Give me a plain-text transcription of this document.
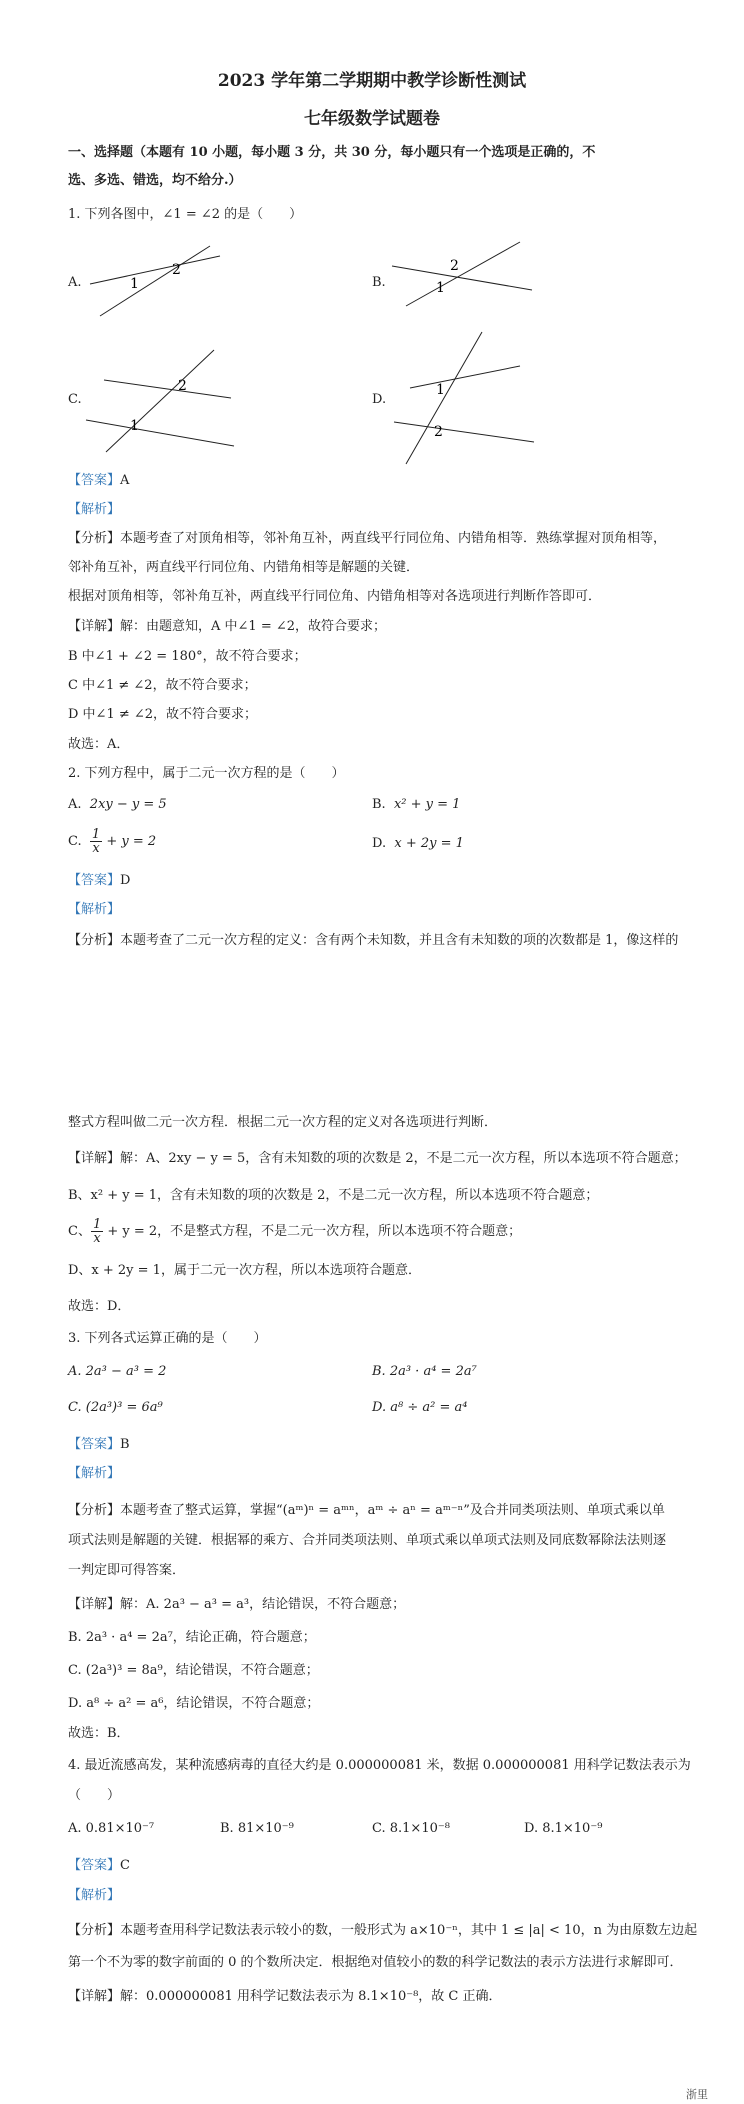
2023 学年第二学期期中教学诊断性测试
七年级数学试题卷
一、选择题（本题有 10 小题，每小题 3 分，共 30 分，每小题只有一个选项是正确的，不
选、多选、错选，均不给分.）
1. 下列各图中，∠1 = ∠2 的是（　　）
A.	1
2
B.	1
2
C.
2
1
D.
1
2
【答案】A
【解析】
【分析】本题考查了对顶角相等，邻补角互补，两直线平行同位角、内错角相等．熟练掌握对顶角相等，
邻补角互补，两直线平行同位角、内错角相等是解题的关键．
根据对顶角相等，邻补角互补，两直线平行同位角、内错角相等对各选项进行判断作答即可．
【详解】解：由题意知，A 中∠1 = ∠2，故符合要求；
B 中∠1 + ∠2 = 180°，故不符合要求；
C 中∠1 ≠ ∠2，故不符合要求；
D 中∠1 ≠ ∠2，故不符合要求；
故选：A．
2. 下列方程中，属于二元一次方程的是（　　）
A. 2xy − y = 5	B. x² + y = 1
C. $\frac{1}{x} + y = 2$	D. x + 2y = 1
【答案】D
【解析】
【分析】本题考查了二元一次方程的定义：含有两个未知数，并且含有未知数的项的次数都是 1，像这样的
整式方程叫做二元一次方程．根据二元一次方程的定义对各选项进行判断．
【详解】解：A、2xy − y = 5，含有未知数的项的次数是 2，不是二元一次方程，所以本选项不符合题意；
B、x² + y = 1，含有未知数的项的次数是 2，不是二元一次方程，所以本选项不符合题意；
C、 $\frac{1}{x} + y = 2$，不是整式方程，不是二元一次方程，所以本选项不符合题意；
D、x + 2y = 1，属于二元一次方程，所以本选项符合题意．
故选：D．
3. 下列各式运算正确的是（　　）
A. 2a³ − a³ = 2	B. 2a³ · a⁴ = 2a⁷
C. (2a³)³ = 6a⁹	D. a⁸ ÷ a² = a⁴
【答案】B
【解析】
【分析】本题考查了整式运算，掌握“(aᵐ)ⁿ = aᵐⁿ，aᵐ ÷ aⁿ = aᵐ⁻ⁿ”及合并同类项法则、单项式乘以单
项式法则是解题的关键．根据幂的乘方、合并同类项法则、单项式乘以单项式法则及同底数幂除法法则逐
一判定即可得答案．
【详解】解：A. 2a³ − a³ = a³，结论错误，不符合题意；
B. 2a³ · a⁴ = 2a⁷，结论正确，符合题意；
C. (2a³)³ = 8a⁹，结论错误，不符合题意；
D. a⁸ ÷ a² = a⁶，结论错误，不符合题意；
故选：B．
4. 最近流感高发，某种流感病毒的直径大约是 0.000000081 米，数据 0.000000081 用科学记数法表示为
（　　）
A. 0.81×10⁻⁷	B. 81×10⁻⁹	C. 8.1×10⁻⁸	D. 8.1×10⁻⁹
【答案】C
【解析】
【分析】本题考查用科学记数法表示较小的数，一般形式为 a×10⁻ⁿ，其中 1 ≤ |a| < 10，n 为由原数左边起
第一个不为零的数字前面的 0 的个数所决定．根据绝对值较小的数的科学记数法的表示方法进行求解即可．
【详解】解：0.000000081 用科学记数法表示为 8.1×10⁻⁸，故 C 正确．
浙里
